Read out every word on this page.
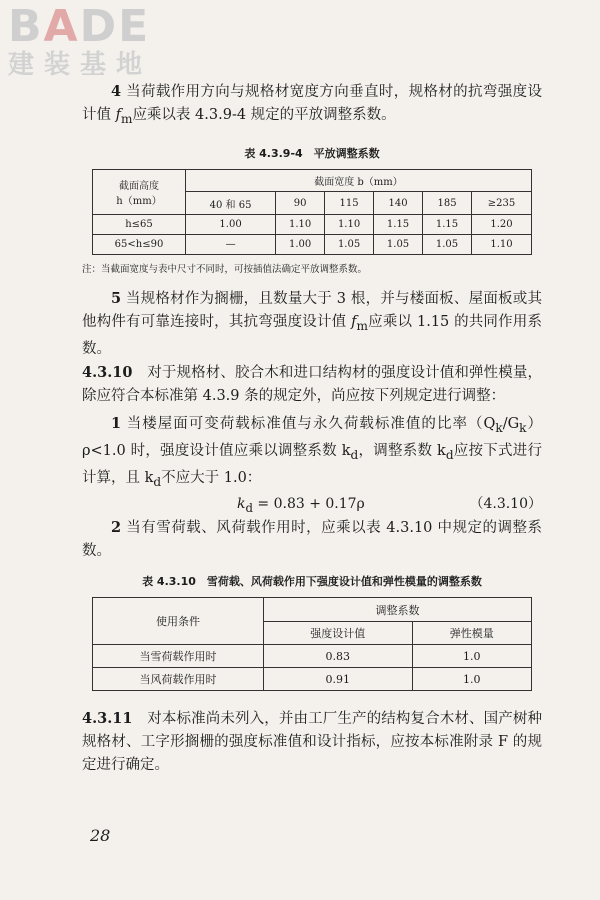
BADE
建装基地

4 当荷载作用方向与规格材宽度方向垂直时，规格材的抗弯强度设计值 $f_m$应乘以表 4.3.9-4 规定的平放调整系数。

表 4.3.9-4　平放调整系数

截面高度
h（mm）	截面宽度 b（mm）					
	40 和 65	90	115	140	185	≥235
h≤65	1.00	1.10	1.10	1.15	1.15	1.20
65<h≤90	—	1.00	1.05	1.05	1.05	1.10

注：当截面宽度与表中尺寸不同时，可按插值法确定平放调整系数。

5 当规格材作为搁栅，且数量大于 3 根，并与楼面板、屋面板或其他构件有可靠连接时，其抗弯强度设计值 $f_m$应乘以 1.15 的共同作用系数。

4.3.10　 对于规格材、胶合木和进口结构材的强度设计值和弹性模量，除应符合本标准第 4.3.9 条的规定外，尚应按下列规定进行调整：

1 当楼屋面可变荷载标准值与永久荷载标准值的比率$(Q_k/G_k)\rho<1.0$ 时，强度设计值应乘以调整系数 $k_d$，调整系数 $k_d$应按下式进行计算，且 $k_d$不应大于 1.0：

$k_d = 0.83 + 0.17\rho$	（4.3.10）

2 当有雪荷载、风荷载作用时，应乘以表 4.3.10 中规定的调整系数。

表 4.3.10　雪荷载、风荷载作用下强度设计值和弹性模量的调整系数

使用条件	调整系数	
	强度设计值	弹性模量
当雪荷载作用时	0.83	1.0
当风荷载作用时	0.91	1.0

4.3.11　 对本标准尚未列入，并由工厂生产的结构复合木材、国产树种规格材、工字形搁栅的强度标准值和设计指标，应按本标准附录 F 的规定进行确定。

28
